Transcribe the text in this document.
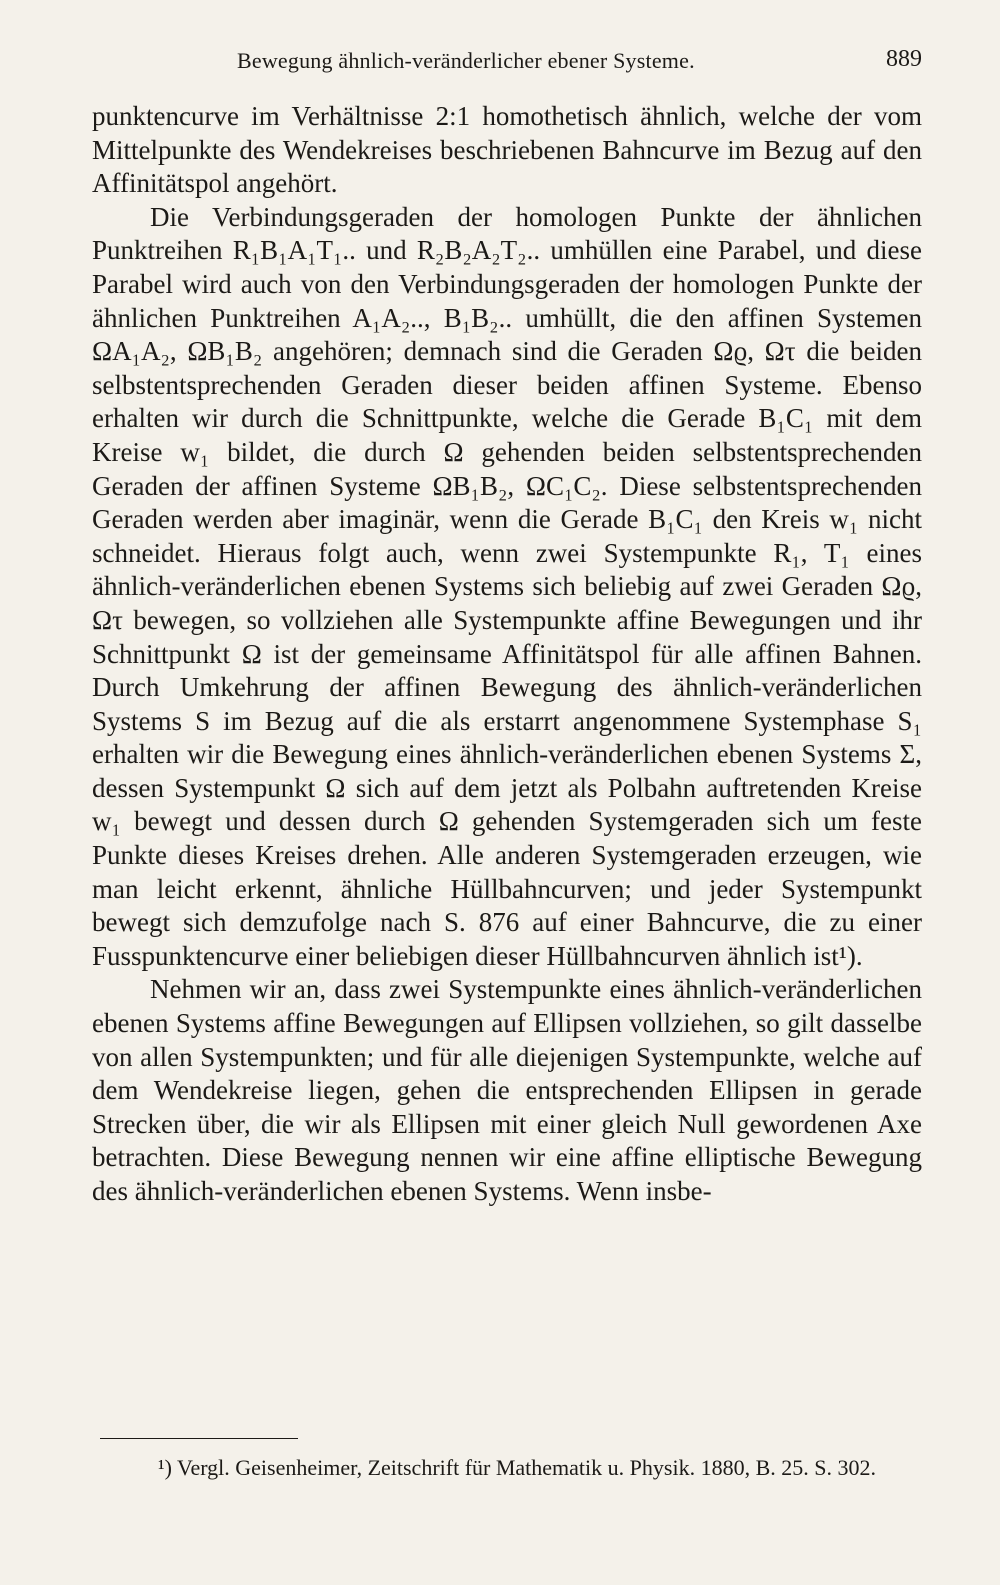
Bewegung ähnlich-veränderlicher ebener Systeme.	889

punktencurve im Verhältnisse 2:1 homothetisch ähnlich, welche der vom Mittelpunkte des Wendekreises beschriebenen Bahncurve im Bezug auf den Affinitätspol angehört.

Die Verbindungsgeraden der homologen Punkte der ähnlichen Punktreihen R₁B₁A₁T₁.. und R₂B₂A₂T₂.. umhüllen eine Parabel, und diese Parabel wird auch von den Verbindungsgeraden der homologen Punkte der ähnlichen Punktreihen A₁A₂.., B₁B₂.. umhüllt, die den affinen Systemen ΩA₁A₂, ΩB₁B₂ angehören; demnach sind die Geraden Ωϱ, Ωτ die beiden selbstentsprechenden Geraden dieser beiden affinen Systeme. Ebenso erhalten wir durch die Schnittpunkte, welche die Gerade B₁C₁ mit dem Kreise w₁ bildet, die durch Ω gehenden beiden selbstentsprechenden Geraden der affinen Systeme ΩB₁B₂, ΩC₁C₂. Diese selbstentsprechenden Geraden werden aber imaginär, wenn die Gerade B₁C₁ den Kreis w₁ nicht schneidet. Hieraus folgt auch, wenn zwei Systempunkte R₁, T₁ eines ähnlich-veränderlichen ebenen Systems sich beliebig auf zwei Geraden Ωϱ, Ωτ bewegen, so vollziehen alle Systempunkte affine Bewegungen und ihr Schnittpunkt Ω ist der gemeinsame Affinitätspol für alle affinen Bahnen. Durch Umkehrung der affinen Bewegung des ähnlich-veränderlichen Systems S im Bezug auf die als erstarrt angenommene Systemphase S₁ erhalten wir die Bewegung eines ähnlich-veränderlichen ebenen Systems Σ, dessen Systempunkt Ω sich auf dem jetzt als Polbahn auftretenden Kreise w₁ bewegt und dessen durch Ω gehenden Systemgeraden sich um feste Punkte dieses Kreises drehen. Alle anderen Systemgeraden erzeugen, wie man leicht erkennt, ähnliche Hüllbahncurven; und jeder Systempunkt bewegt sich demzufolge nach S. 876 auf einer Bahncurve, die zu einer Fusspunktencurve einer beliebigen dieser Hüllbahncurven ähnlich ist¹).

Nehmen wir an, dass zwei Systempunkte eines ähnlich-veränderlichen ebenen Systems affine Bewegungen auf Ellipsen vollziehen, so gilt dasselbe von allen Systempunkten; und für alle diejenigen Systempunkte, welche auf dem Wendekreise liegen, gehen die entsprechenden Ellipsen in gerade Strecken über, die wir als Ellipsen mit einer gleich Null gewordenen Axe betrachten. Diese Bewegung nennen wir eine affine elliptische Bewegung des ähnlich-veränderlichen ebenen Systems. Wenn insbe-

¹) Vergl. Geisenheimer, Zeitschrift für Mathematik u. Physik. 1880, B. 25. S. 302.
